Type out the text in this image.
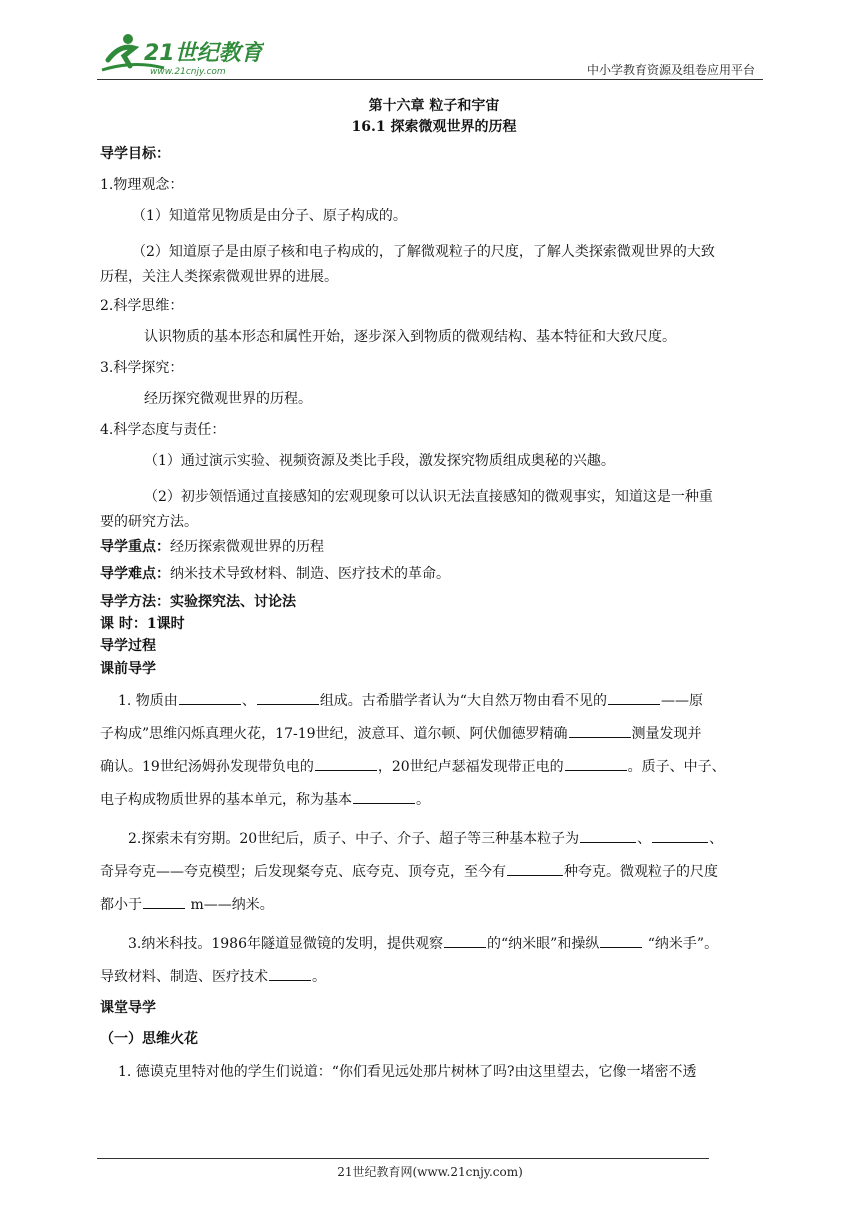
21世纪教育
www.21cnjy.com	中小学教育资源及组卷应用平台

第十六章 粒子和宇宙

16.1 探索微观世界的历程

导学目标：

1.物理观念：

（1）知道常见物质是由分子、原子构成的。

（2）知道原子是由原子核和电子构成的，了解微观粒子的尺度，了解人类探索微观世界的大致

历程，关注人类探索微观世界的进展。

2.科学思维：

认识物质的基本形态和属性开始，逐步深入到物质的微观结构、基本特征和大致尺度。

3.科学探究：

经历探究微观世界的历程。

4.科学态度与责任：

（1）通过演示实验、视频资源及类比手段，激发探究物质组成奥秘的兴趣。

（2）初步领悟通过直接感知的宏观现象可以认识无法直接感知的微观事实，知道这是一种重

要的研究方法。

导学重点：经历探索微观世界的历程

导学难点：纳米技术导致材料、制造、医疗技术的革命。

导学方法：实验探究法、讨论法

课 时：1课时

导学过程

课前导学

1. 物质由	、	组成。古希腊学者认为“大自然万物由看不见的	——原

子构成”思维闪烁真理火花，17-19世纪，波意耳、道尔顿、阿伏伽德罗精确	测量发现并

确认。19世纪汤姆孙发现带负电的	，20世纪卢瑟福发现带正电的	。质子、中子、

电子构成物质世界的基本单元，称为基本	。

2.探索未有穷期。20世纪后，质子、中子、介子、超子等三种基本粒子为	、	、

奇异夸克——夸克模型；后发现粲夸克、底夸克、顶夸克，至今有	种夸克。微观粒子的尺度

都小于	m——纳米。

3.纳米科技。1986年隧道显微镜的发明，提供观察	的“纳米眼”和操纵	“纳米手”。

导致材料、制造、医疗技术	。

课堂导学

（一）思维火花

1. 德谟克里特对他的学生们说道：“你们看见远处那片树林了吗?由这里望去，它像一堵密不透

21世纪教育网(www.21cnjy.com)
